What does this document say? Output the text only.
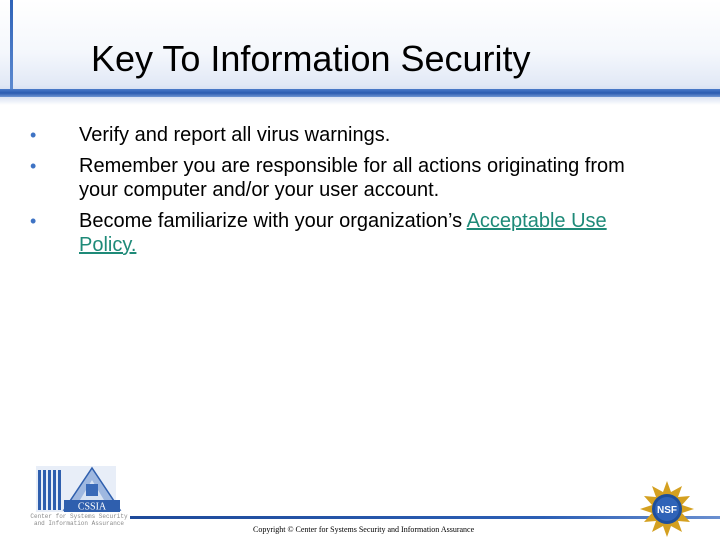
Key To Information Security
• Verify and report all virus warnings.
• Remember you are responsible for all actions originating from your computer and/or your user account.
• Become familiarize with your organization’s Acceptable Use Policy.
CSSIA
Center for Systems Security and Information Assurance
Copyright © Center for Systems Security and Information Assurance
NSF
